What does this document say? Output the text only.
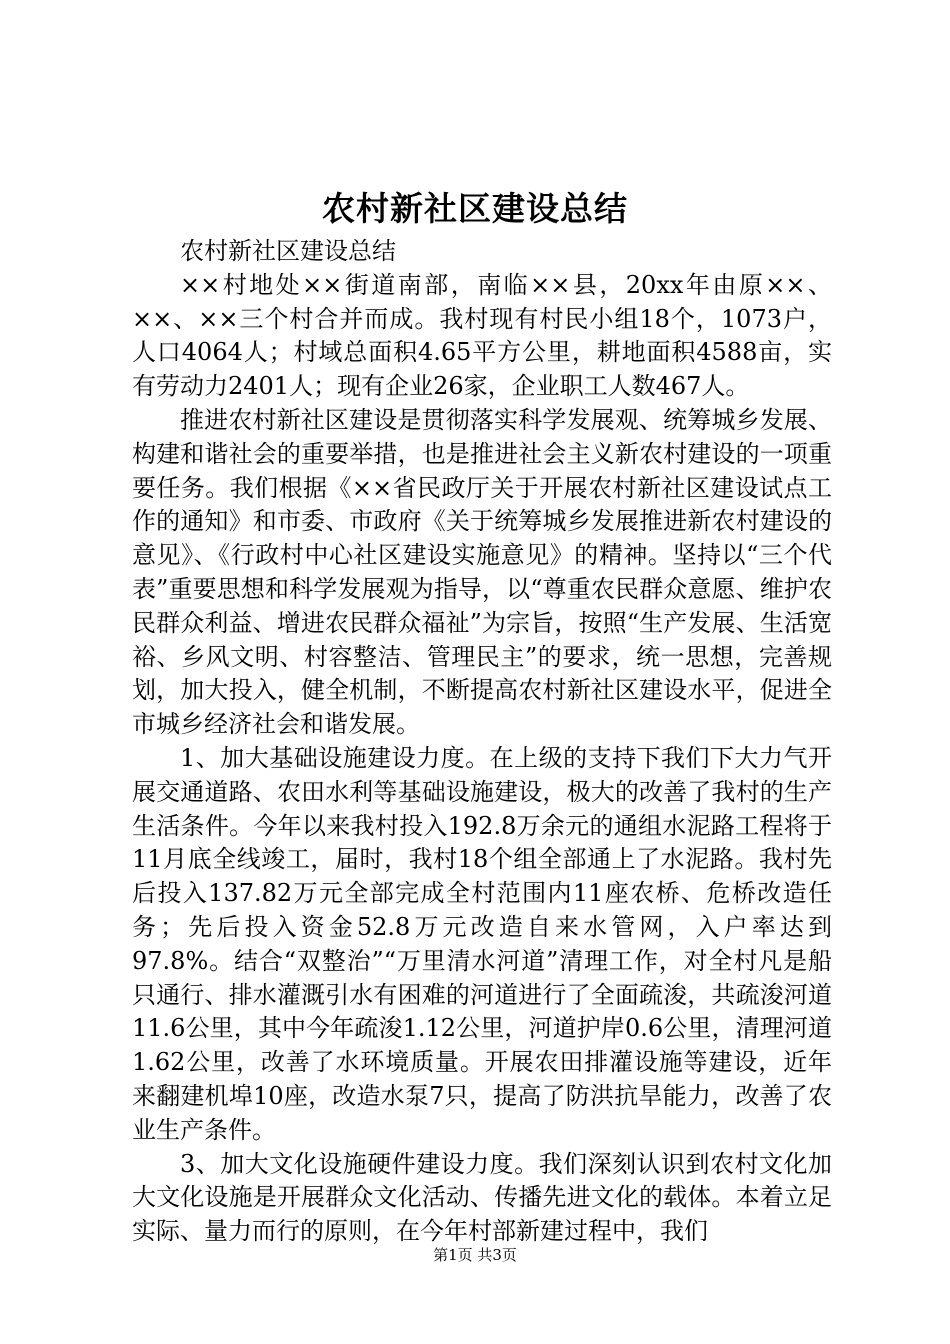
农村新社区建设总结

农村新社区建设总结

××村地处××街道南部，南临××县，20xx年由原××、××、××三个村合并而成。我村现有村民小组18个，1073户，人口4064人；村域总面积4.65平方公里，耕地面积4588亩，实有劳动力2401人；现有企业26家，企业职工人数467人。

推进农村新社区建设是贯彻落实科学发展观、统筹城乡发展、构建和谐社会的重要举措，也是推进社会主义新农村建设的一项重要任务。我们根据《××省民政厅关于开展农村新社区建设试点工作的通知》和市委、市政府《关于统筹城乡发展推进新农村建设的意见》、《行政村中心社区建设实施意见》的精神。坚持以“三个代表”重要思想和科学发展观为指导，以“尊重农民群众意愿、维护农民群众利益、增进农民群众福祉”为宗旨，按照“生产发展、生活宽裕、乡风文明、村容整洁、管理民主”的要求，统一思想，完善规划，加大投入，健全机制，不断提高农村新社区建设水平，促进全市城乡经济社会和谐发展。

1、加大基础设施建设力度。在上级的支持下我们下大力气开展交通道路、农田水利等基础设施建设，极大的改善了我村的生产生活条件。今年以来我村投入192.8万余元的通组水泥路工程将于11月底全线竣工，届时，我村18个组全部通上了水泥路。我村先后投入137.82万元全部完成全村范围内11座农桥、危桥改造任务；先后投入资金52.8万元改造自来水管网，入户率达到97.8%。结合“双整治”“万里清水河道”清理工作，对全村凡是船只通行、排水灌溉引水有困难的河道进行了全面疏浚，共疏浚河道11.6公里，其中今年疏浚1.12公里，河道护岸0.6公里，清理河道1.62公里，改善了水环境质量。开展农田排灌设施等建设，近年来翻建机埠10座，改造水泵7只，提高了防洪抗旱能力，改善了农业生产条件。

3、加大文化设施硬件建设力度。我们深刻认识到农村文化加大文化设施是开展群众文化活动、传播先进文化的载体。本着立足实际、量力而行的原则，在今年村部新建过程中，我们

第1页 共3页
